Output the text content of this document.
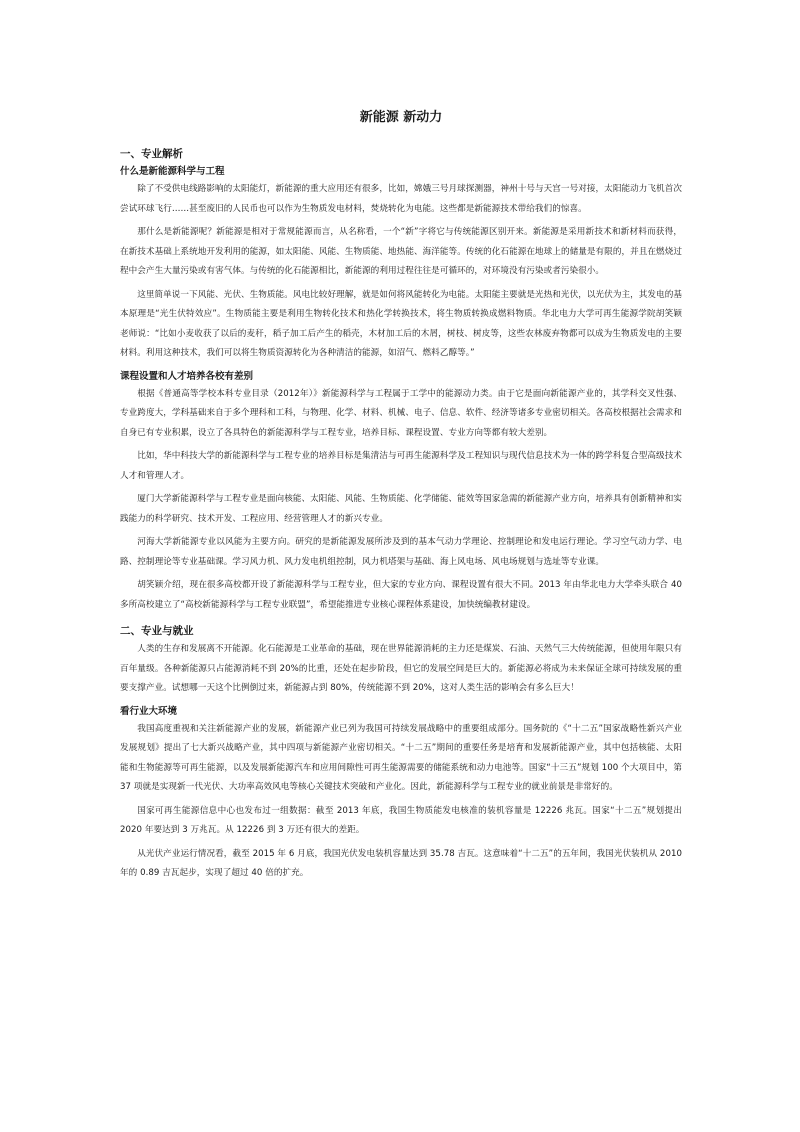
新能源 新动力
一、专业解析
什么是新能源科学与工程

除了不受供电线路影响的太阳能灯，新能源的重大应用还有很多，比如，嫦娥三号月球探测器，神州十号与天宫一号对接，太阳能动力飞机首次尝试环球飞行……甚至废旧的人民币也可以作为生物质发电材料，焚烧转化为电能。这些都是新能源技术带给我们的惊喜。

那什么是新能源呢？新能源是相对于常规能源而言，从名称看，一个“新”字将它与传统能源区别开来。新能源是采用新技术和新材料而获得，在新技术基础上系统地开发利用的能源，如太阳能、风能、生物质能、地热能、海洋能等。传统的化石能源在地球上的储量是有限的，并且在燃烧过程中会产生大量污染或有害气体。与传统的化石能源相比，新能源的利用过程往往是可循环的，对环境没有污染或者污染很小。

这里简单说一下风能、光伏、生物质能。风电比较好理解，就是如何将风能转化为电能。太阳能主要就是光热和光伏，以光伏为主，其发电的基本原理是“光生伏特效应”。生物质能主要是利用生物转化技术和热化学转换技术，将生物质转换成燃料物质。华北电力大学可再生能源学院胡笑颖老师说：“比如小麦收获了以后的麦秆，稻子加工后产生的稻壳，木材加工后的木屑，树枝、树皮等，这些农林废弃物都可以成为生物质发电的主要材料。利用这种技术，我们可以将生物质资源转化为各种清洁的能源，如沼气、燃料乙醇等。”

课程设置和人才培养各校有差别

根据《普通高等学校本科专业目录（2012年）》新能源科学与工程属于工学中的能源动力类。由于它是面向新能源产业的，其学科交叉性强、专业跨度大，学科基础来自于多个理科和工科，与物理、化学、材料、机械、电子、信息、软件、经济等诸多专业密切相关。各高校根据社会需求和自身已有专业积累，设立了各具特色的新能源科学与工程专业，培养目标、课程设置、专业方向等都有较大差别。

比如，华中科技大学的新能源科学与工程专业的培养目标是集清洁与可再生能源科学及工程知识与现代信息技术为一体的跨学科复合型高级技术人才和管理人才。

厦门大学新能源科学与工程专业是面向核能、太阳能、风能、生物质能、化学储能、能效等国家急需的新能源产业方向，培养具有创新精神和实践能力的科学研究、技术开发、工程应用、经营管理人才的新兴专业。

河海大学新能源专业以风能为主要方向。研究的是新能源发展所涉及到的基本气动力学理论、控制理论和发电运行理论。学习空气动力学、电路、控制理论等专业基础课。学习风力机、风力发电机组控制，风力机塔架与基础、海上风电场、风电场规划与选址等专业课。

胡笑颖介绍，现在很多高校都开设了新能源科学与工程专业，但大家的专业方向、课程设置有很大不同。2013 年由华北电力大学牵头联合 40 多所高校建立了“高校新能源科学与工程专业联盟”，希望能推进专业核心课程体系建设，加快统编教材建设。

二、专业与就业

人类的生存和发展离不开能源。化石能源是工业革命的基础，现在世界能源消耗的主力还是煤炭、石油、天然气三大传统能源，但使用年限只有百年量级。各种新能源只占能源消耗不到 20%的比重，还处在起步阶段，但它的发展空间是巨大的。新能源必将成为未来保证全球可持续发展的重要支撑产业。试想哪一天这个比例倒过来，新能源占到 80%，传统能源不到 20%，这对人类生活的影响会有多么巨大！

看行业大环境

我国高度重视和关注新能源产业的发展，新能源产业已列为我国可持续发展战略中的重要组成部分。国务院的《“十二五”国家战略性新兴产业发展规划》提出了七大新兴战略产业，其中四项与新能源产业密切相关。“十二五”期间的重要任务是培育和发展新能源产业，其中包括核能、太阳能和生物能源等可再生能源，以及发展新能源汽车和应用间隙性可再生能源需要的储能系统和动力电池等。国家“十三五”规划 100 个大项目中，第 37 项就是实现新一代光伏、大功率高效风电等核心关键技术突破和产业化。因此，新能源科学与工程专业的就业前景是非常好的。

国家可再生能源信息中心也发布过一组数据：截至 2013 年底，我国生物质能发电核准的装机容量是 12226 兆瓦。国家“十二五”规划提出 2020 年要达到 3 万兆瓦。从 12226 到 3 万还有很大的差距。

从光伏产业运行情况看，截至 2015 年 6 月底，我国光伏发电装机容量达到 35.78 吉瓦。这意味着“十二五”的五年间，我国光伏装机从 2010 年的 0.89 吉瓦起步，实现了超过 40 倍的扩充。
